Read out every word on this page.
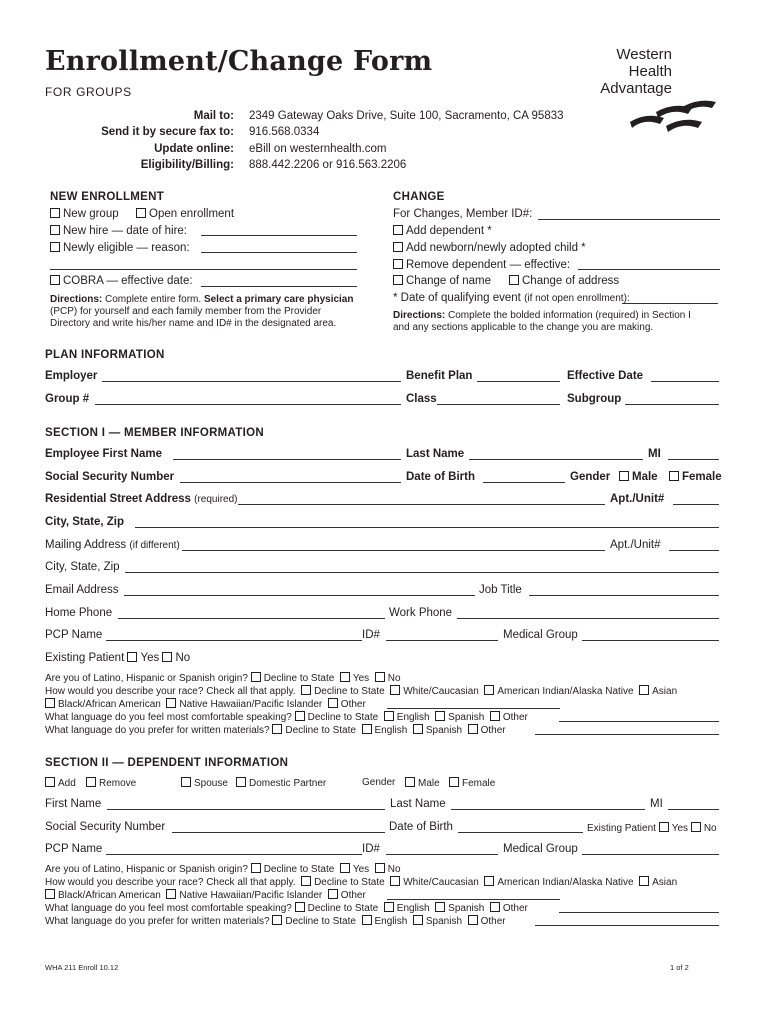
Enrollment/Change Form
FOR GROUPS
Western
Health
Advantage
Mail to: 2349 Gateway Oaks Drive, Suite 100, Sacramento, CA 95833
Send it by secure fax to: 916.568.0334
Update online: eBill on westernhealth.com
Eligibility/Billing: 888.442.2206 or 916.563.2206
NEW ENROLLMENT
New group	Open enrollment
New hire — date of hire:
Newly eligible — reason:
COBRA — effective date:
Directions: Complete entire form. Select a primary care physician
(PCP) for yourself and each family member from the Provider
Directory and write his/her name and ID# in the designated area.
CHANGE
For Changes, Member ID#:
Add dependent *
Add newborn/newly adopted child *
Remove dependent — effective:
Change of name	Change of address
* Date of qualifying event (if not open enrollment):
Directions: Complete the bolded information (required) in Section I
and any sections applicable to the change you are making.
PLAN INFORMATION
Employer	Benefit Plan	Effective Date
Group #	Class	Subgroup
SECTION I — MEMBER INFORMATION
Employee First Name	Last Name	MI
Social Security Number	Date of Birth	Gender	Male	Female
Residential Street Address (required)	Apt./Unit#
City, State, Zip
Mailing Address (if different)	Apt./Unit#
City, State, Zip
Email Address	Job Title
Home Phone	Work Phone
PCP Name	ID#	Medical Group
Existing Patient Yes No
Are you of Latino, Hispanic or Spanish origin? Decline to State Yes No
How would you describe your race? Check all that apply. Decline to State White/Caucasian American Indian/Alaska Native Asian
Black/African American Native Hawaiian/Pacific Islander Other
What language do you feel most comfortable speaking? Decline to State English Spanish Other
What language do you prefer for written materials? Decline to State English Spanish Other
SECTION II — DEPENDENT INFORMATION
Add	Remove	Spouse	Domestic Partner	Gender	Male	Female
First Name	Last Name	MI
Social Security Number	Date of Birth	Existing Patient Yes No
PCP Name	ID#	Medical Group
Are you of Latino, Hispanic or Spanish origin? Decline to State Yes No
How would you describe your race? Check all that apply. Decline to State White/Caucasian American Indian/Alaska Native Asian
Black/African American Native Hawaiian/Pacific Islander Other
What language do you feel most comfortable speaking? Decline to State English Spanish Other
What language do you prefer for written materials? Decline to State English Spanish Other
WHA 211 Enroll 10.12	1 of 2
